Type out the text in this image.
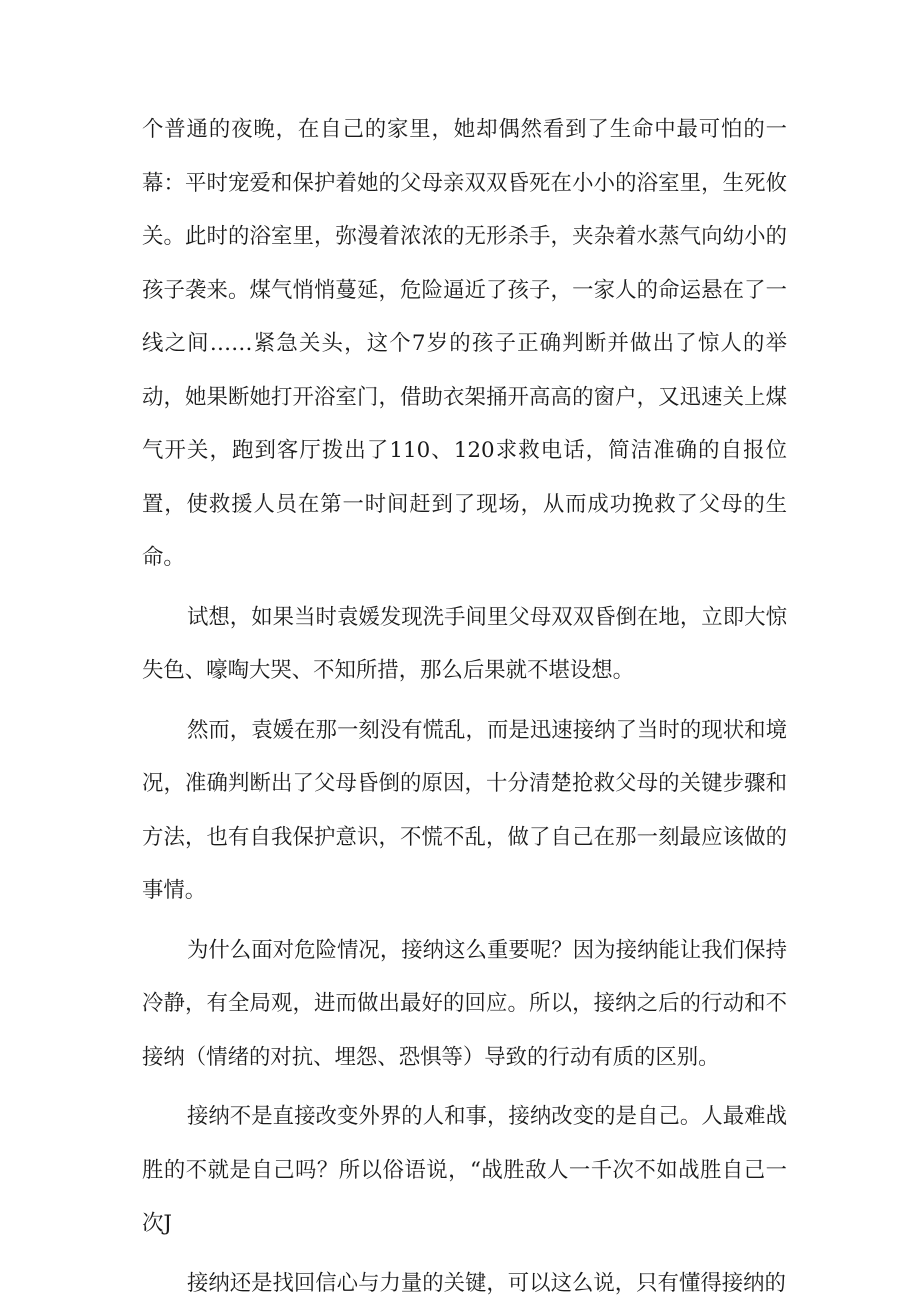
个普通的夜晚，在自己的家里，她却偶然看到了生命中最可怕的一幕：平时宠爱和保护着她的父母亲双双昏死在小小的浴室里，生死攸关。此时的浴室里，弥漫着浓浓的无形杀手，夹杂着水蒸气向幼小的孩子袭来。煤气悄悄蔓延，危险逼近了孩子，一家人的命运悬在了一线之间……紧急关头，这个7岁的孩子正确判断并做出了惊人的举动，她果断她打开浴室门，借助衣架捅开高高的窗户，又迅速关上煤气开关，跑到客厅拨出了110、120求救电话，简洁准确的自报位置，使救援人员在第一时间赶到了现场，从而成功挽救了父母的生命。

试想，如果当时袁媛发现洗手间里父母双双昏倒在地，立即大惊失色、嚎啕大哭、不知所措，那么后果就不堪设想。

然而，袁媛在那一刻没有慌乱，而是迅速接纳了当时的现状和境况，准确判断出了父母昏倒的原因，十分清楚抢救父母的关键步骤和方法，也有自我保护意识，不慌不乱，做了自己在那一刻最应该做的事情。

为什么面对危险情况，接纳这么重要呢？因为接纳能让我们保持冷静，有全局观，进而做出最好的回应。所以，接纳之后的行动和不接纳（情绪的对抗、埋怨、恐惧等）导致的行动有质的区别。

接纳不是直接改变外界的人和事，接纳改变的是自己。人最难战胜的不就是自己吗？所以俗语说，“战胜敌人一千次不如战胜自己一次J

接纳还是找回信心与力量的关键，可以这么说，只有懂得接纳的
